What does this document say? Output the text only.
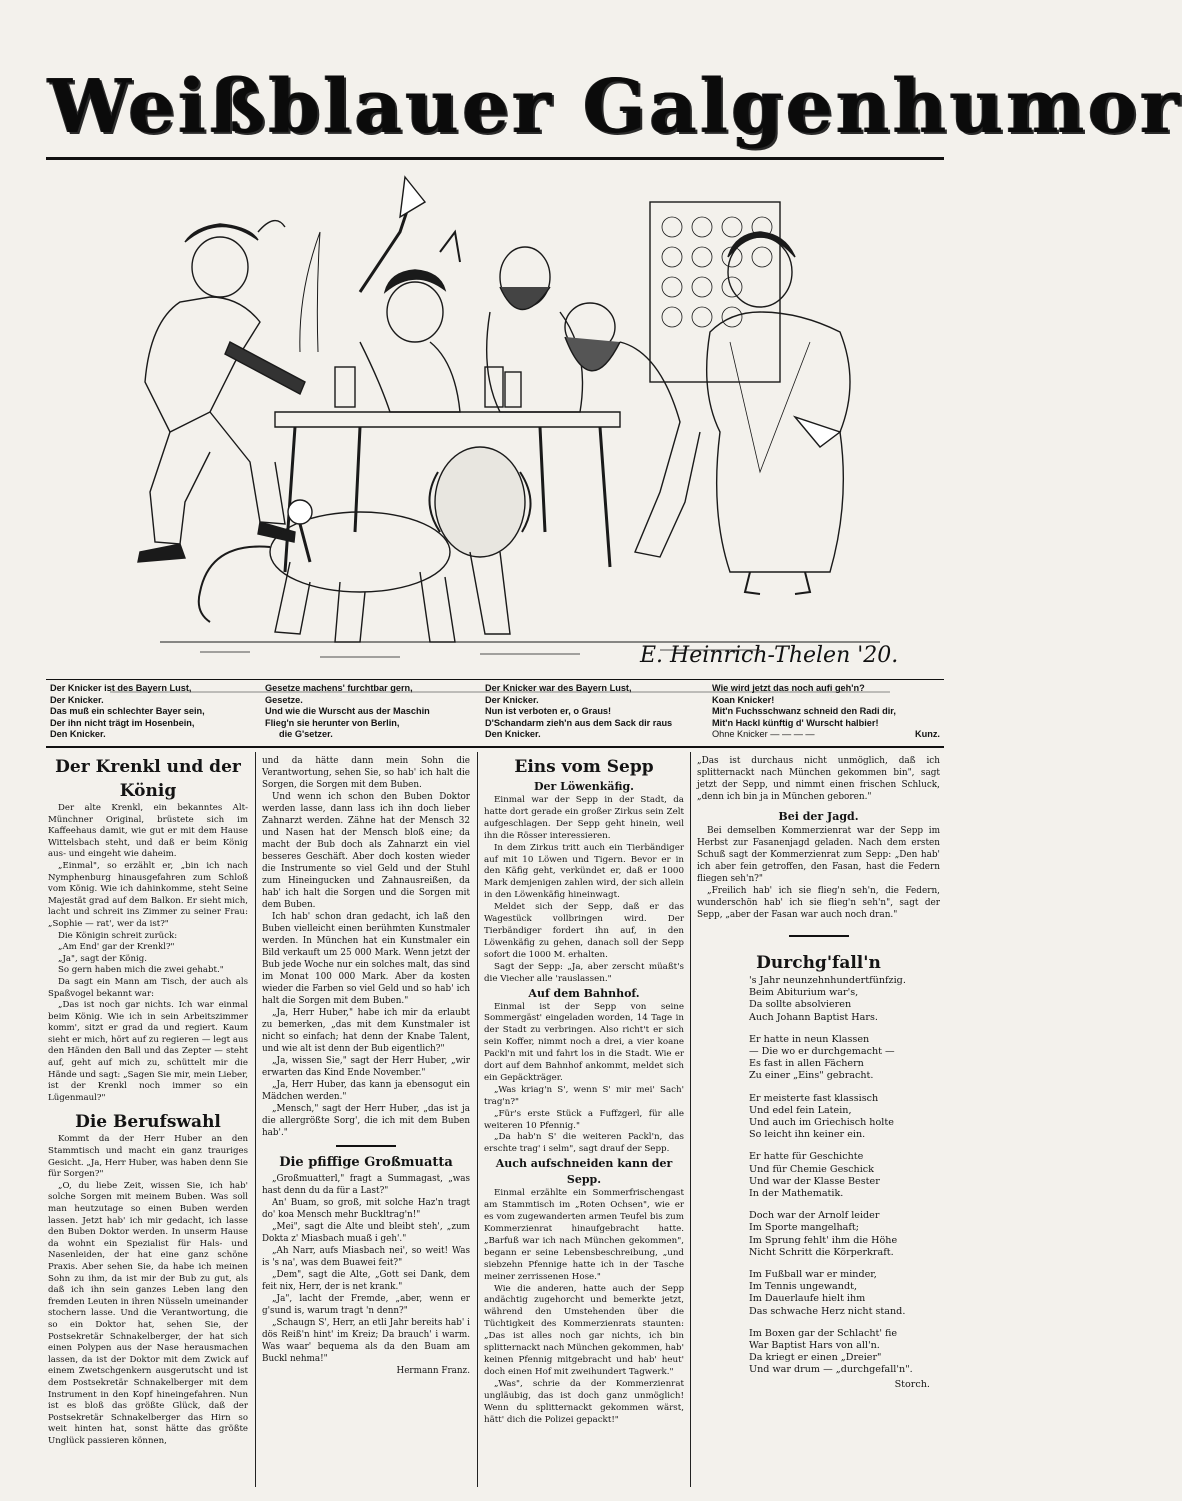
Weißblauer Galgenhumor
E. Heinrich-Thelen '20.
Der Knicker ist des Bayern Lust,
Der Knicker.
Das muß ein schlechter Bayer sein,
Der ihn nicht trägt im Hosenbein,
Den Knicker.
Gesetze machens' furchtbar gern,
Gesetze.
Und wie die Wurscht aus der Maschin
Flieg'n sie herunter von Berlin,
die G'setzer.
Der Knicker war des Bayern Lust,
Der Knicker.
Nun ist verboten er, o Graus!
D'Schandarm zieh'n aus dem Sack dir raus
Den Knicker.
Wie wird jetzt das noch aufi geh'n?
Koan Knicker!
Mit'n Fuchsschwanz schneid den Radi dir,
Mit'n Hackl künftig d' Wurscht halbier!
Ohne Knicker — — — —	Kunz.
Der Krenkl und der König

Der alte Krenkl, ein bekanntes Alt-Münchner Original, brüstete sich im Kaffeehaus damit, wie gut er mit dem Hause Wittelsbach steht, und daß er beim König aus- und eingeht wie daheim.

„Einmal", so erzählt er, „bin ich nach Nymphenburg hinausgefahren zum Schloß vom König. Wie ich dahinkomme, steht Seine Majestät grad auf dem Balkon. Er sieht mich, lacht und schreit ins Zimmer zu seiner Frau: „Sophie — rat', wer da ist?"

Die Königin schreit zurück:

„Am End' gar der Krenkl?"

„Ja", sagt der König.

So gern haben mich die zwei gehabt."

Da sagt ein Mann am Tisch, der auch als Spaßvogel bekannt war:

„Das ist noch gar nichts. Ich war einmal beim König. Wie ich in sein Arbeitszimmer komm', sitzt er grad da und regiert. Kaum sieht er mich, hört auf zu regieren — legt aus den Händen den Ball und das Zepter — steht auf, geht auf mich zu, schüttelt mir die Hände und sagt: „Sagen Sie mir, mein Lieber, ist der Krenkl noch immer so ein Lügenmaul?"

Die Berufswahl

Kommt da der Herr Huber an den Stammtisch und macht ein ganz trauriges Gesicht. „Ja, Herr Huber, was haben denn Sie für Sorgen?"

„O, du liebe Zeit, wissen Sie, ich hab' solche Sorgen mit meinem Buben. Was soll man heutzutage so einen Buben werden lassen. Jetzt hab' ich mir gedacht, ich lasse den Buben Doktor werden. In unserm Hause da wohnt ein Spezialist für Hals- und Nasenleiden, der hat eine ganz schöne Praxis. Aber sehen Sie, da habe ich meinen Sohn zu ihm, da ist mir der Bub zu gut, als daß ich ihn sein ganzes Leben lang den fremden Leuten in ihren Nüsseln umeinander stochern lasse. Und die Verantwortung, die so ein Doktor hat, sehen Sie, der Postsekretär Schnakelberger, der hat sich einen Polypen aus der Nase herausmachen lassen, da ist der Doktor mit dem Zwick auf einem Zwetschgenkern ausgerutscht und ist dem Postsekretär Schnakelberger mit dem Instrument in den Kopf hineingefahren. Nun ist es bloß das größte Glück, daß der Postsekretär Schnakelberger das Hirn so weit hinten hat, sonst hätte das größte Unglück passieren können,

und da hätte dann mein Sohn die Verantwortung, sehen Sie, so hab' ich halt die Sorgen, die Sorgen mit dem Buben.

Und wenn ich schon den Buben Doktor werden lasse, dann lass ich ihn doch lieber Zahnarzt werden. Zähne hat der Mensch 32 und Nasen hat der Mensch bloß eine; da macht der Bub doch als Zahnarzt ein viel besseres Geschäft. Aber doch kosten wieder die Instrumente so viel Geld und der Stuhl zum Hineingucken und Zahnausreißen, da hab' ich halt die Sorgen und die Sorgen mit dem Buben.

Ich hab' schon dran gedacht, ich laß den Buben vielleicht einen berühmten Kunstmaler werden. In München hat ein Kunstmaler ein Bild verkauft um 25 000 Mark. Wenn jetzt der Bub jede Woche nur ein solches malt, das sind im Monat 100 000 Mark. Aber da kosten wieder die Farben so viel Geld und so hab' ich halt die Sorgen mit dem Buben."

„Ja, Herr Huber," habe ich mir da erlaubt zu bemerken, „das mit dem Kunstmaler ist nicht so einfach; hat denn der Knabe Talent, und wie alt ist denn der Bub eigentlich?"

„Ja, wissen Sie," sagt der Herr Huber, „wir erwarten das Kind Ende November."

„Ja, Herr Huber, das kann ja ebensogut ein Mädchen werden."

„Mensch," sagt der Herr Huber, „das ist ja die allergrößte Sorg', die ich mit dem Buben hab'."

Die pfiffige Großmuatta

„Großmuatterl," fragt a Summagast, „was hast denn du da für a Last?"

An' Buam, so groß, mit solche Haz'n tragt do' koa Mensch mehr Buckltrag'n!"

„Mei", sagt die Alte und bleibt steh', „zum Dokta z' Miasbach muaß i geh'."

„Ah Narr, aufs Miasbach nei', so weit! Was is 's na', was dem Buawei feit?"

„Dem", sagt die Alte, „Gott sei Dank, dem feit nix, Herr, der is net krank."

„Ja", lacht der Fremde, „aber, wenn er g'sund is, warum tragt 'n denn?"

„Schaugn S', Herr, an etli Jahr bereits hab' i dös Reiß'n hint' im Kreiz; Da brauch' i warm. Was waar' bequema als da den Buam am Buckl nehma!"

Hermann Franz.
Eins vom Sepp
Der Löwenkäfig.

Einmal war der Sepp in der Stadt, da hatte dort gerade ein großer Zirkus sein Zelt aufgeschlagen. Der Sepp geht hinein, weil ihn die Rösser interessieren.

In dem Zirkus tritt auch ein Tierbändiger auf mit 10 Löwen und Tigern. Bevor er in den Käfig geht, verkündet er, daß er 1000 Mark demjenigen zahlen wird, der sich allein in den Löwenkäfig hineinwagt.

Meldet sich der Sepp, daß er das Wagestück vollbringen wird. Der Tierbändiger fordert ihn auf, in den Löwenkäfig zu gehen, danach soll der Sepp sofort die 1000 M. erhalten.

Sagt der Sepp: „Ja, aber zerscht müaßt's die Viecher alle 'rauslassen."

Auf dem Bahnhof.

Einmal ist der Sepp von seine Sommergäst' eingeladen worden, 14 Tage in der Stadt zu verbringen. Also richt't er sich sein Koffer, nimmt noch a drei, a vier koane Packl'n mit und fahrt los in die Stadt. Wie er dort auf dem Bahnhof ankommt, meldet sich ein Gepäckträger.

„Was kriag'n S', wenn S' mir mei' Sach' trag'n?"

„Für's erste Stück a Fuffzgerl, für alle weiteren 10 Pfennig."

„Da hab'n S' die weiteren Packl'n, das erschte trag' i selm", sagt drauf der Sepp.

Auch aufschneiden kann der Sepp.

Einmal erzählte ein Sommerfrischengast am Stammtisch im „Roten Ochsen", wie er es vom zugewanderten armen Teufel bis zum Kommerzienrat hinaufgebracht hatte. „Barfuß war ich nach München gekommen", begann er seine Lebensbeschreibung, „und siebzehn Pfennige hatte ich in der Tasche meiner zerrissenen Hose."

Wie die anderen, hatte auch der Sepp andächtig zugehorcht und bemerkte jetzt, während den Umstehenden über die Tüchtigkeit des Kommerzienrats staunten: „Das ist alles noch gar nichts, ich bin splitternackt nach München gekommen, hab' keinen Pfennig mitgebracht und hab' heut' doch einen Hof mit zweihundert Tagwerk."

„Was", schrie da der Kommerzienrat ungläubig, das ist doch ganz unmöglich! Wenn du splitternackt gekommen wärst, hätt' dich die Polizei gepackt!"

„Das ist durchaus nicht unmöglich, daß ich splitternackt nach München gekommen bin", sagt jetzt der Sepp, und nimmt einen frischen Schluck, „denn ich bin ja in München geboren."

Bei der Jagd.

Bei demselben Kommerzienrat war der Sepp im Herbst zur Fasanenjagd geladen. Nach dem ersten Schuß sagt der Kommerzienrat zum Sepp: „Den hab' ich aber fein getroffen, den Fasan, hast die Federn fliegen seh'n?"

„Freilich hab' ich sie flieg'n seh'n, die Federn, wunderschön hab' ich sie flieg'n seh'n", sagt der Sepp, „aber der Fasan war auch noch dran."

Durchg'fall'n
's Jahr neunzehnhundertfünfzig.
Beim Abiturium war's,
Da sollte absolvieren
Auch Johann Baptist Hars.
Er hatte in neun Klassen
— Die wo er durchgemacht —
Es fast in allen Fächern
Zu einer „Eins" gebracht.
Er meisterte fast klassisch
Und edel fein Latein,
Und auch im Griechisch holte
So leicht ihn keiner ein.
Er hatte für Geschichte
Und für Chemie Geschick
Und war der Klasse Bester
In der Mathematik.
Doch war der Arnolf leider
Im Sporte mangelhaft;
Im Sprung fehlt' ihm die Höhe
Nicht Schritt die Körperkraft.
Im Fußball war er minder,
Im Tennis ungewandt,
Im Dauerlaufe hielt ihm
Das schwache Herz nicht stand.
Im Boxen gar der Schlacht' fie
War Baptist Hars von all'n.
Da kriegt er einen „Dreier"
Und war drum — „durchgefall'n".
Storch.
